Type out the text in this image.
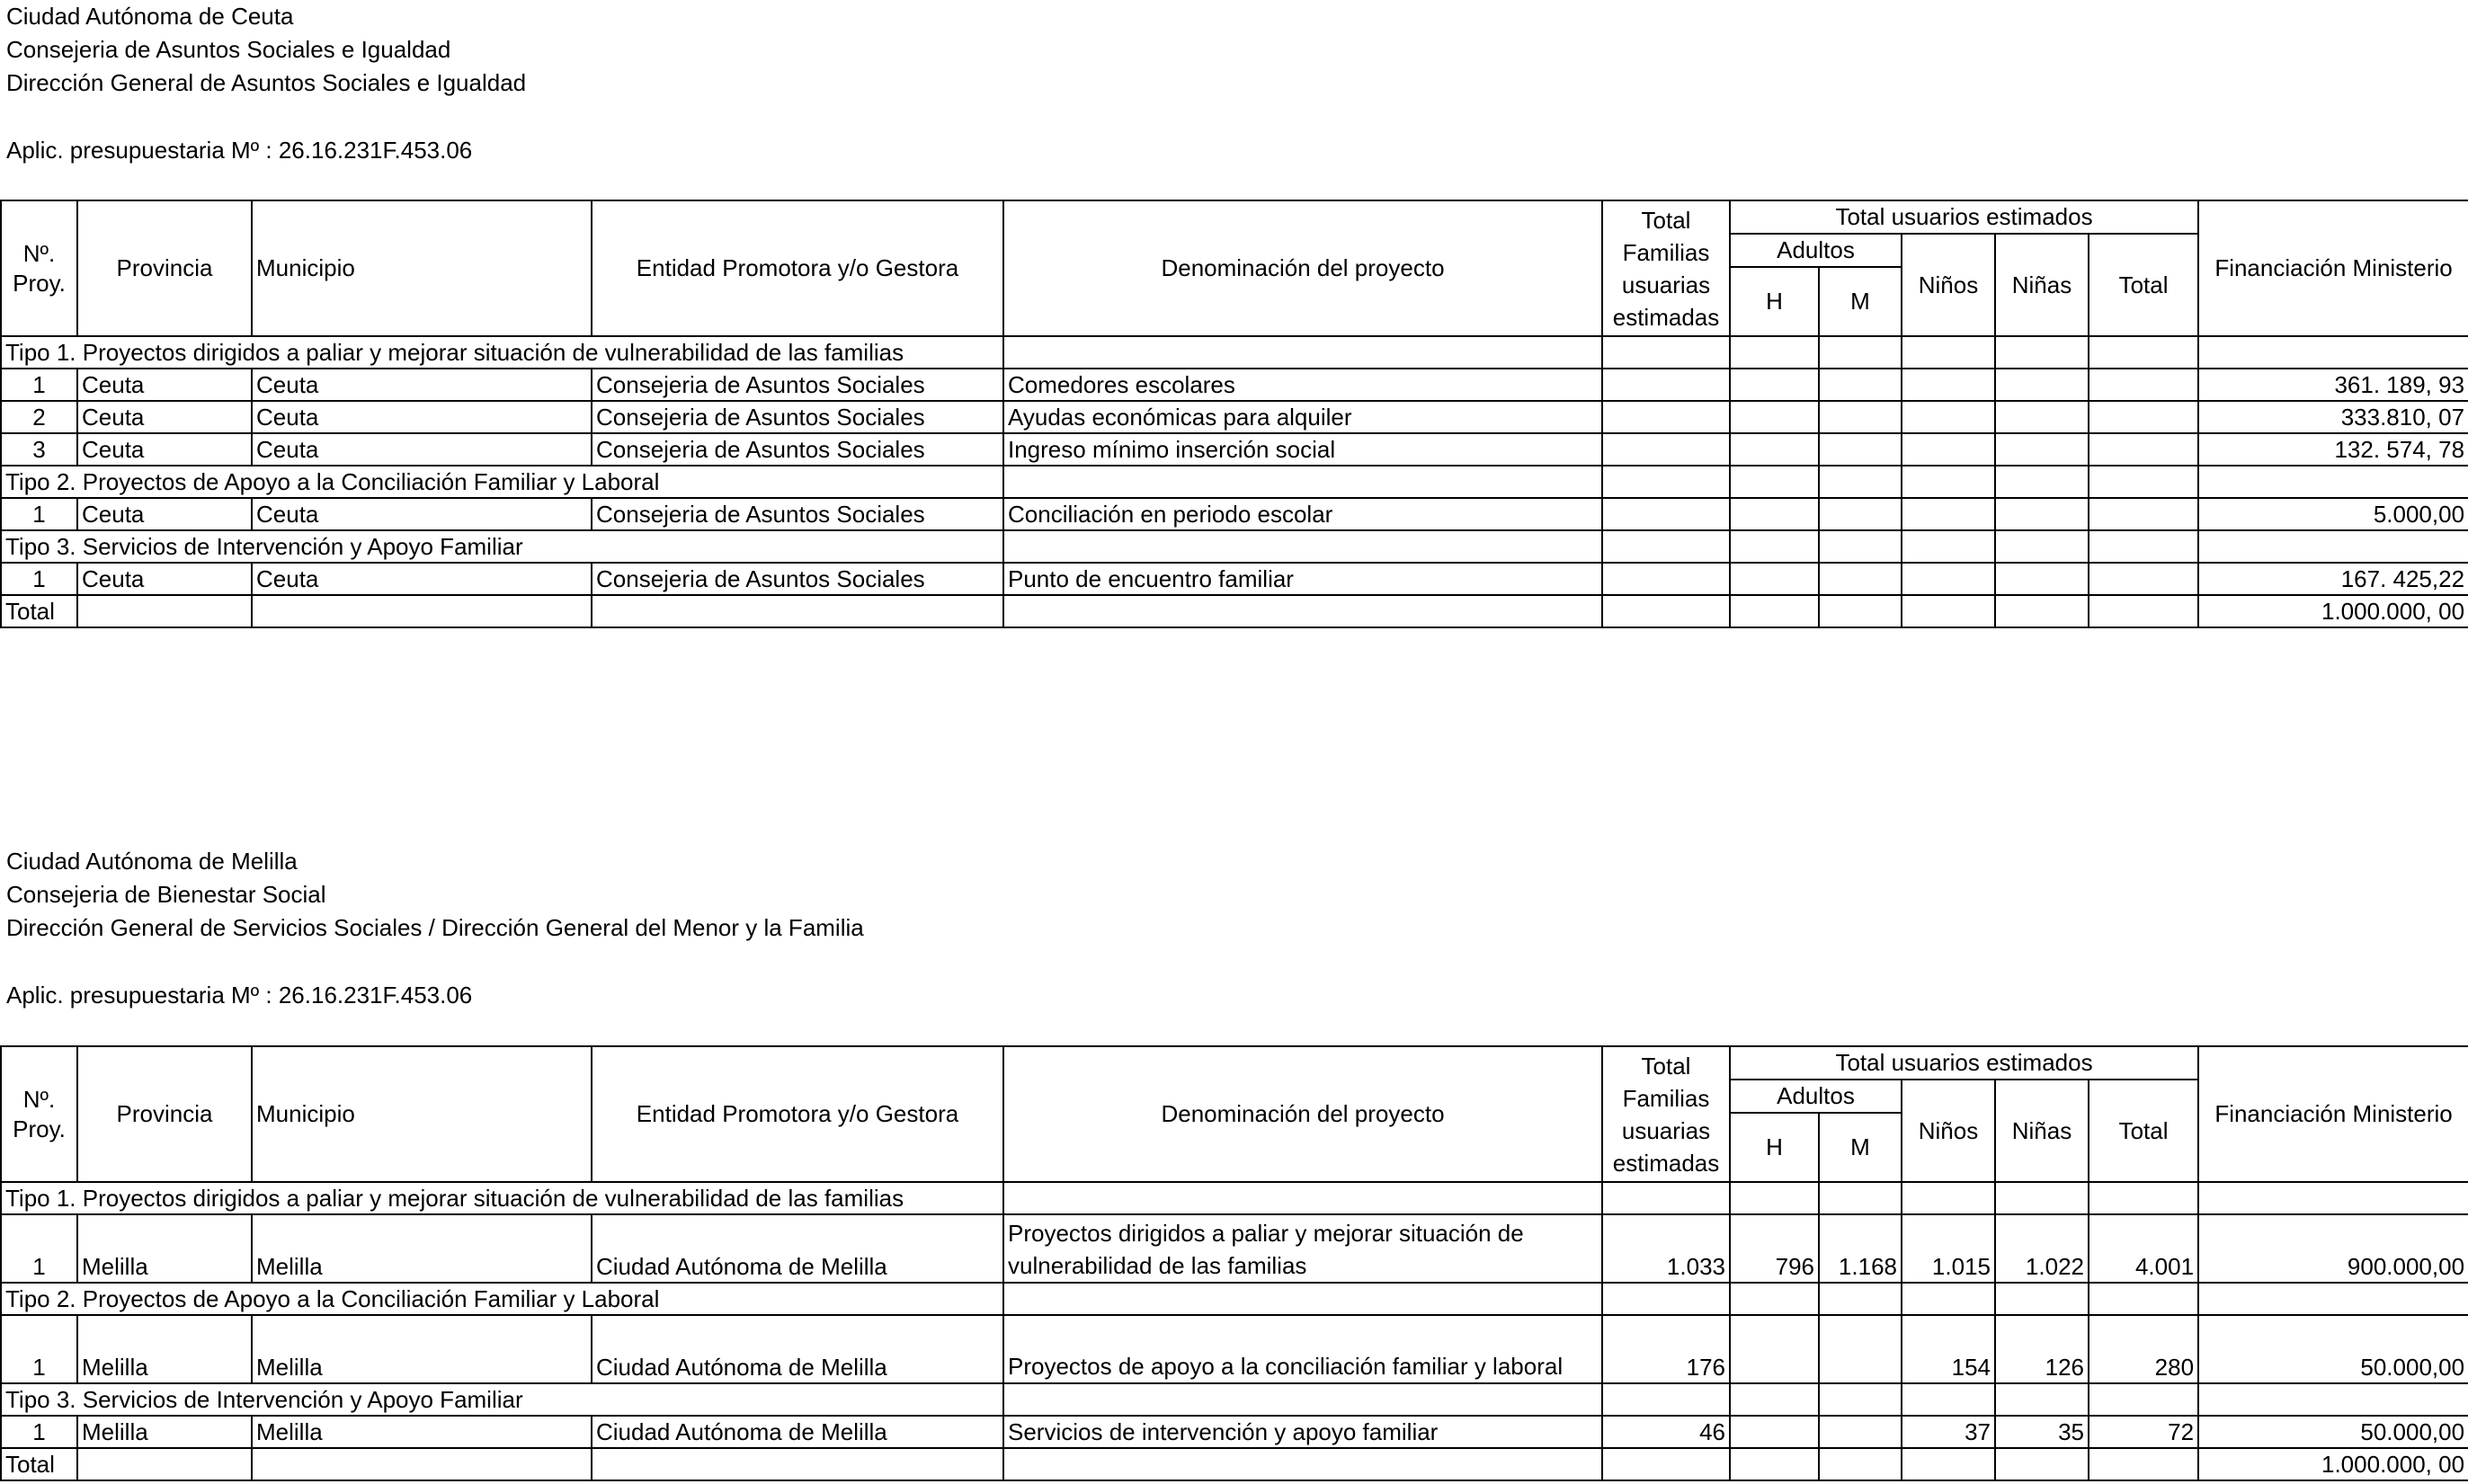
Ciudad Autónoma de Ceuta
Consejeria de Asuntos Sociales e Igualdad
Dirección General de Asuntos Sociales e Igualdad
Aplic. presupuestaria Mº : 26.16.231F.453.06
Nº.
Proy.	Provincia	Municipio	Entidad Promotora y/o Gestora	Denominación del proyecto	Total
Familias
usuarias
estimadas	Total usuarios estimados					Financiación Ministerio
						Adultos		Niños	Niñas	Total	
						H	M				

Tipo 1. Proyectos dirigidos a paliar y mejorar situación de vulnerabilidad de las familias											
1	Ceuta	Ceuta	Consejeria de Asuntos Sociales	Comedores escolares							361. 189, 93
2	Ceuta	Ceuta	Consejeria de Asuntos Sociales	Ayudas económicas para alquiler							333.810, 07
3	Ceuta	Ceuta	Consejeria de Asuntos Sociales	Ingreso mínimo inserción social							132. 574, 78
Tipo 2. Proyectos de Apoyo a la Conciliación Familiar y Laboral											
1	Ceuta	Ceuta	Consejeria de Asuntos Sociales	Conciliación en periodo escolar							5.000,00
Tipo 3. Servicios de Intervención y Apoyo Familiar											
1	Ceuta	Ceuta	Consejeria de Asuntos Sociales	Punto de encuentro familiar							167. 425,22
Total											1.000.000, 00
Ciudad Autónoma de Melilla
Consejeria de Bienestar Social
Dirección General de Servicios Sociales / Dirección General del Menor y la Familia
Aplic. presupuestaria Mº : 26.16.231F.453.06
Nº.
Proy.	Provincia	Municipio	Entidad Promotora y/o Gestora	Denominación del proyecto	Total
Familias
usuarias
estimadas	Total usuarios estimados					Financiación Ministerio
						Adultos		Niños	Niñas	Total	
						H	M				

Tipo 1. Proyectos dirigidos a paliar y mejorar situación de vulnerabilidad de las familias											
1	Melilla	Melilla	Ciudad Autónoma de Melilla	Proyectos dirigidos a paliar y mejorar situación de vulnerabilidad de las familias	1.033	796	1.168	1.015	1.022	4.001	900.000,00
Tipo 2. Proyectos de Apoyo a la Conciliación Familiar y Laboral											
1	Melilla	Melilla	Ciudad Autónoma de Melilla	Proyectos de apoyo a la conciliación familiar y laboral	176			154	126	280	50.000,00
Tipo 3. Servicios de Intervención y Apoyo Familiar											
1	Melilla	Melilla	Ciudad Autónoma de Melilla	Servicios de intervención y apoyo familiar	46			37	35	72	50.000,00
Total											1.000.000, 00
